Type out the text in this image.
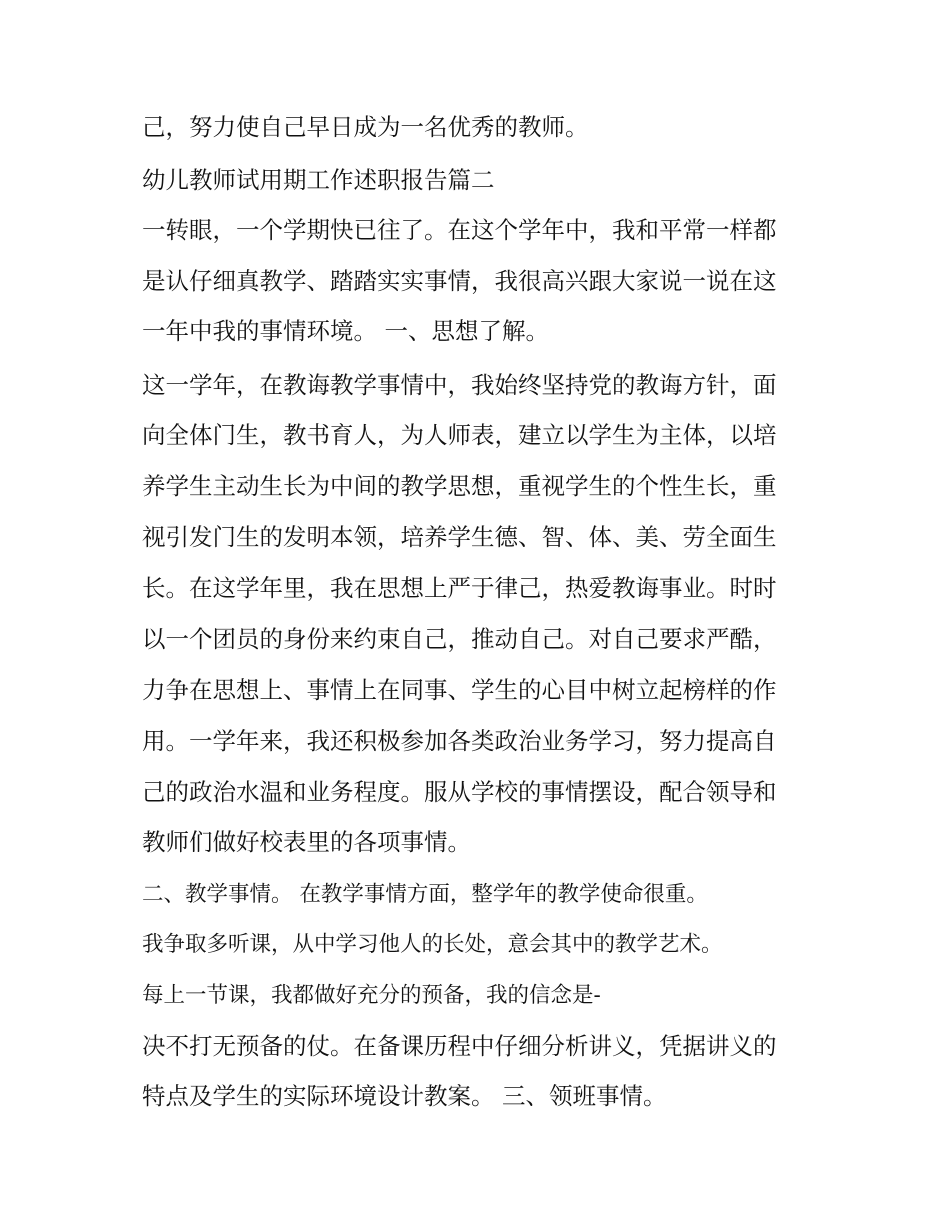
己，努力使自己早日成为一名优秀的教师。
幼儿教师试用期工作述职报告篇二
一转眼，一个学期快已往了。在这个学年中，我和平常一样都
是认仔细真教学、踏踏实实事情，我很高兴跟大家说一说在这
一年中我的事情环境。 一、思想了解。
这一学年，在教诲教学事情中，我始终坚持党的教诲方针，面
向全体门生，教书育人，为人师表，建立以学生为主体，以培
养学生主动生长为中间的教学思想，重视学生的个性生长，重
视引发门生的发明本领，培养学生德、智、体、美、劳全面生
长。在这学年里，我在思想上严于律己，热爱教诲事业。时时
以一个团员的身份来约束自己，推动自己。对自己要求严酷，
力争在思想上、事情上在同事、学生的心目中树立起榜样的作
用。一学年来，我还积极参加各类政治业务学习，努力提高自
己的政治水温和业务程度。服从学校的事情摆设，配合领导和
教师们做好校表里的各项事情。
二、教学事情。 在教学事情方面，整学年的教学使命很重。
我争取多听课，从中学习他人的长处，意会其中的教学艺术。
每上一节课，我都做好充分的预备，我的信念是-
决不打无预备的仗。在备课历程中仔细分析讲义，凭据讲义的
特点及学生的实际环境设计教案。 三、领班事情。
